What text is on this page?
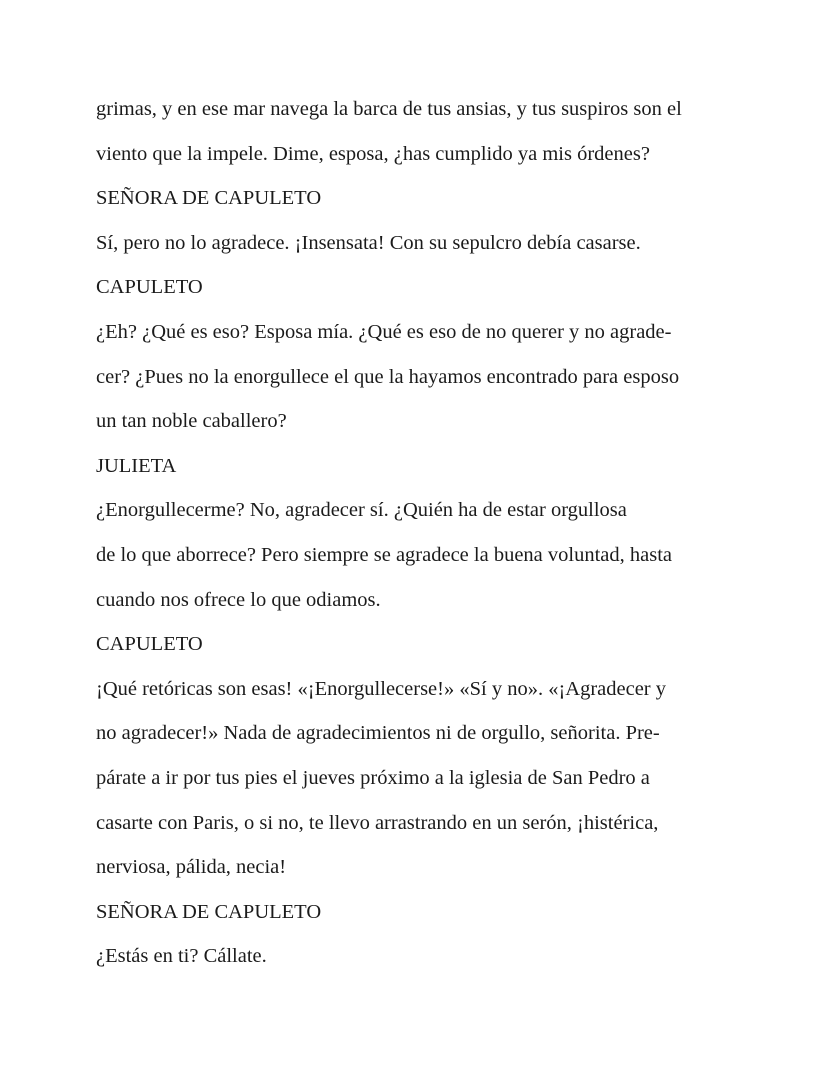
grimas, y en ese mar navega la barca de tus ansias, y tus suspiros son el
viento que la impele. Dime, esposa, ¿has cumplido ya mis órdenes?
SEÑORA DE CAPULETO
Sí, pero no lo agradece. ¡Insensata! Con su sepulcro debía casarse.
CAPULETO
¿Eh? ¿Qué es eso? Esposa mía. ¿Qué es eso de no querer y no agrade-
cer? ¿Pues no la enorgullece el que la hayamos encontrado para esposo
un tan noble caballero?
JULIETA
¿Enorgullecerme? No, agradecer sí. ¿Quién ha de estar orgullosa
de lo que aborrece? Pero siempre se agradece la buena voluntad, hasta
cuando nos ofrece lo que odiamos.
CAPULETO
¡Qué retóricas son esas! «¡Enorgullecerse!» «Sí y no». «¡Agradecer y
no agradecer!» Nada de agradecimientos ni de orgullo, señorita. Pre-
párate a ir por tus pies el jueves próximo a la iglesia de San Pedro a
casarte con Paris, o si no, te llevo arrastrando en un serón, ¡histérica,
nerviosa, pálida, necia!
SEÑORA DE CAPULETO
¿Estás en ti? Cállate.
